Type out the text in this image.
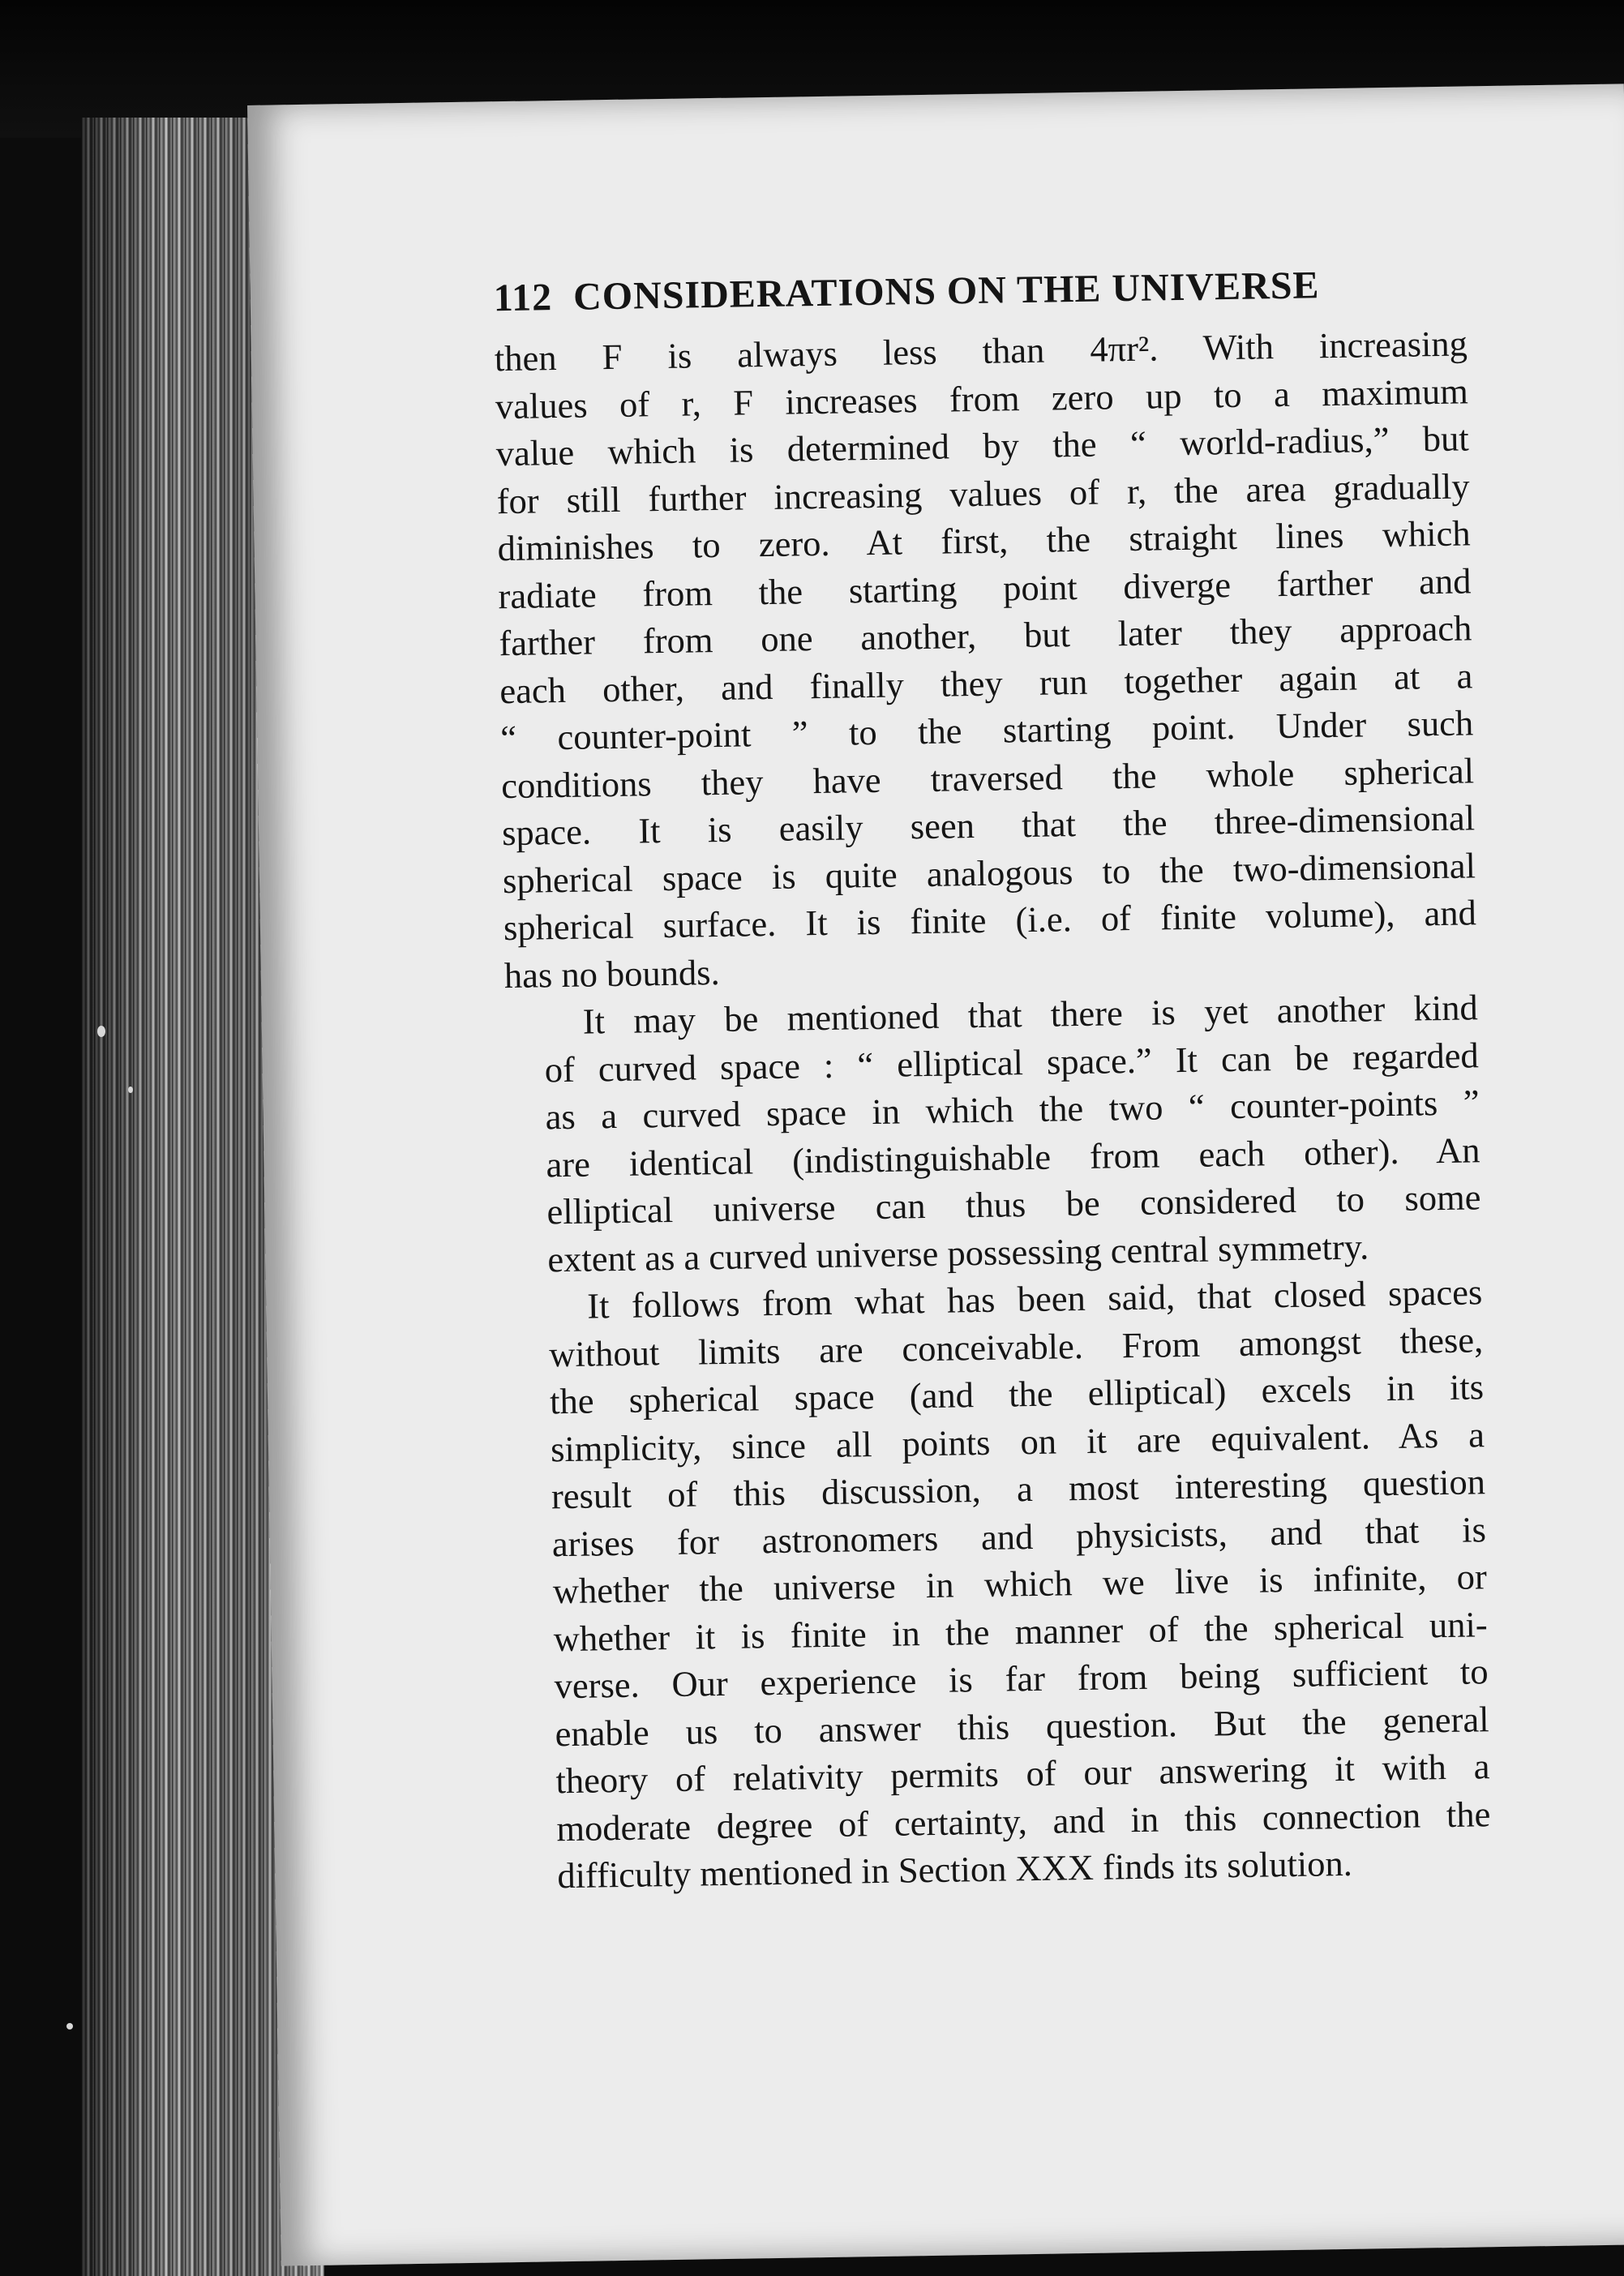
112 CONSIDERATIONS ON THE UNIVERSE

then F is always less than 4πr². With increasing
values of r, F increases from zero up to a maximum
value which is determined by the “ world-radius,” but
for still further increasing values of r, the area gradually
diminishes to zero. At first, the straight lines which
radiate from the starting point diverge farther and
farther from one another, but later they approach
each other, and finally they run together again at a
“ counter-point ” to the starting point. Under such
conditions they have traversed the whole spherical
space. It is easily seen that the three-dimensional
spherical space is quite analogous to the two-dimensional
spherical surface. It is finite (i.e. of finite volume), and
has no bounds.

It may be mentioned that there is yet another kind
of curved space : “ elliptical space.” It can be regarded
as a curved space in which the two “ counter-points ”
are identical (indistinguishable from each other). An
elliptical universe can thus be considered to some
extent as a curved universe possessing central symmetry.

It follows from what has been said, that closed spaces
without limits are conceivable. From amongst these,
the spherical space (and the elliptical) excels in its
simplicity, since all points on it are equivalent. As a
result of this discussion, a most interesting question
arises for astronomers and physicists, and that is
whether the universe in which we live is infinite, or
whether it is finite in the manner of the spherical uni-
verse. Our experience is far from being sufficient to
enable us to answer this question. But the general
theory of relativity permits of our answering it with a
moderate degree of certainty, and in this connection the
difficulty mentioned in Section XXX finds its solution.
